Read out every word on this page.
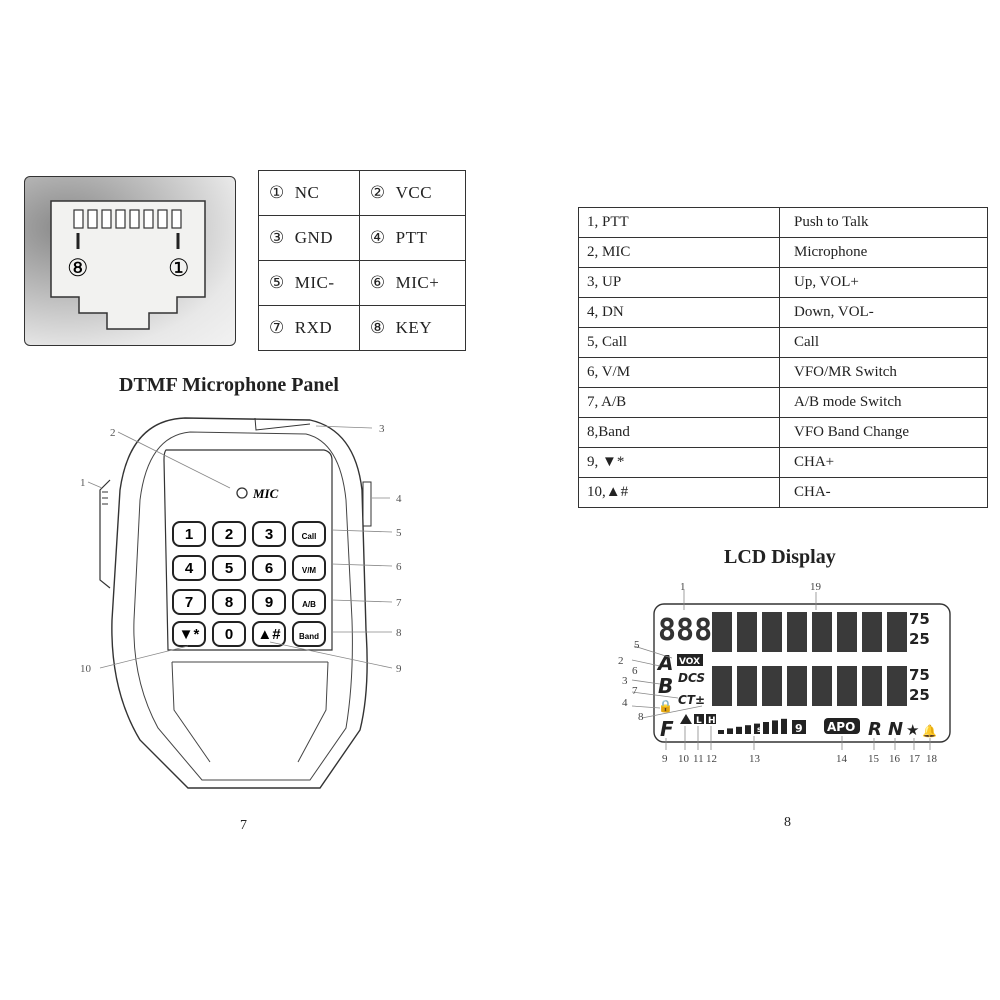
⑧	①
① NC	② VCC
③ GND	④ PTT
⑤ MIC-	⑥ MIC+
⑦ RXD	⑧ KEY
1, PTT	Push to Talk
2, MIC	Microphone
3, UP	Up, VOL+
4, DN	Down, VOL-
5, Call	Call
6, V/M	VFO/MR Switch
7, A/B	A/B mode Switch
8,Band	VFO Band Change
9, ▼*	CHA+
10,▲#	CHA-
DTMF Microphone Panel
LCD Display
MIC
1 2 3	Call
4 5 6	V/M
7 8 9	A/B
▼* 0 ▲# Band
1
2	3
4
5
6
7
8
9
10
888	75
25
75
25
A
B
VOX
DCS
CT±
🔒
F L H
s	9 APO R N ★ 🔔
1
2
3
4
5
6
7
8
9 10 11 12	13	14 15 16 17 18
19
7	8
